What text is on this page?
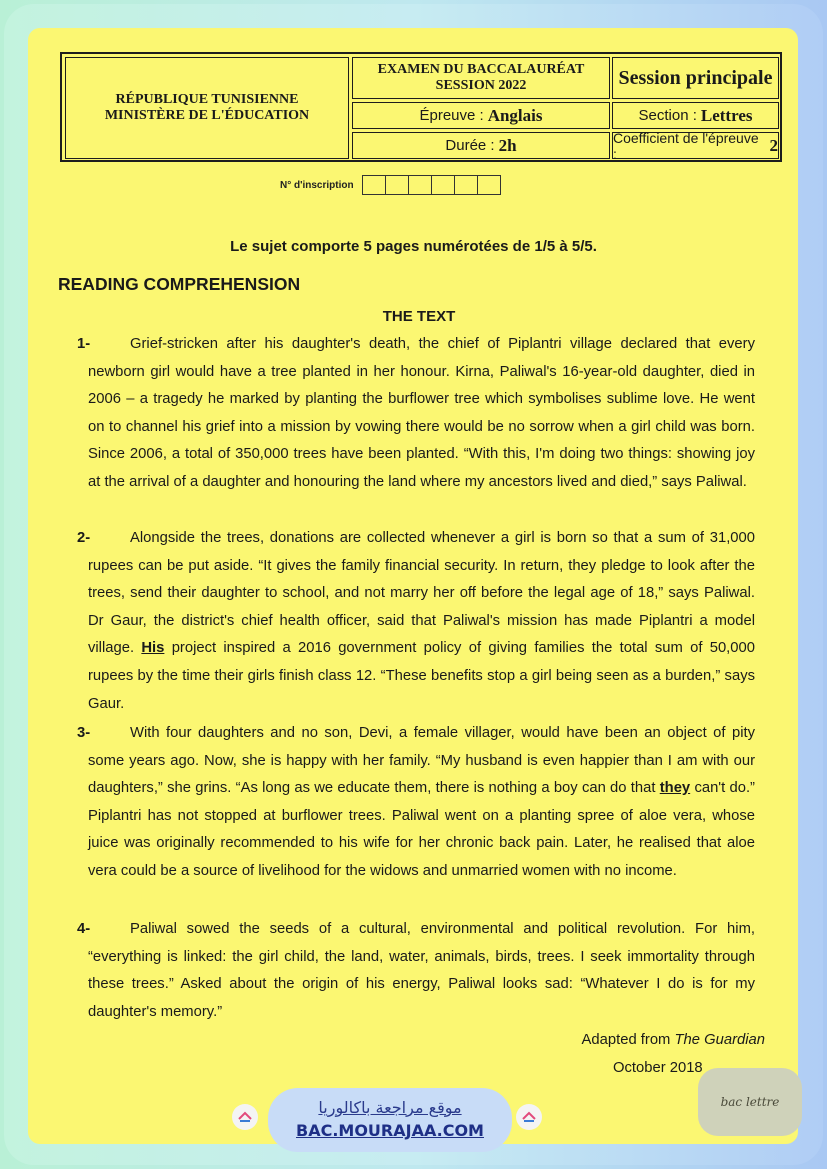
RÉPUBLIQUE TUNISIENNE
MINISTÈRE DE L'ÉDUCATION
EXAMEN DU BACCALAURÉAT
SESSION 2022	Session principale
Épreuve : Anglais	Section : Lettres
Durée : 2h	Coefficient de l'épreuve :	2
N° d'inscription
Le sujet comporte 5 pages numérotées de 1/5 à 5/5.
READING COMPREHENSION
THE TEXT
1-	Grief-stricken after his daughter's death, the chief of Piplantri village declared that every newborn girl would have a tree planted in her honour. Kirna, Paliwal's 16-year-old daughter, died in 2006 – a tragedy he marked by planting the burflower tree which symbolises sublime love. He went on to channel his grief into a mission by vowing there would be no sorrow when a girl child was born. Since 2006, a total of 350,000 trees have been planted. “With this, I'm doing two things: showing joy at the arrival of a daughter and honouring the land where my ancestors lived and died,” says Paliwal.
2-	Alongside the trees, donations are collected whenever a girl is born so that a sum of 31,000 rupees can be put aside. “It gives the family financial security. In return, they pledge to look after the trees, send their daughter to school, and not marry her off before the legal age of 18,” says Paliwal. Dr Gaur, the district's chief health officer, said that Paliwal's mission has made Piplantri a model village. His project inspired a 2016 government policy of giving families the total sum of 50,000 rupees by the time their girls finish class 12. “These benefits stop a girl being seen as a burden,” says Gaur.
3-	With four daughters and no son, Devi, a female villager, would have been an object of pity some years ago. Now, she is happy with her family. “My husband is even happier than I am with our daughters,” she grins. “As long as we educate them, there is nothing a boy can do that they can't do.” Piplantri has not stopped at burflower trees. Paliwal went on a planting spree of aloe vera, whose juice was originally recommended to his wife for her chronic back pain. Later, he realised that aloe vera could be a source of livelihood for the widows and unmarried women with no income.
4-	Paliwal sowed the seeds of a cultural, environmental and political revolution. For him, “everything is linked: the girl child, the land, water, animals, birds, trees. I seek immortality through these trees.” Asked about the origin of his energy, Paliwal looks sad: “Whatever I do is for my daughter's memory.”
Adapted from The Guardian
October 2018
موقع مراجعة باكالوريا
BAC.MOURAJAA.COM
bac lettre
